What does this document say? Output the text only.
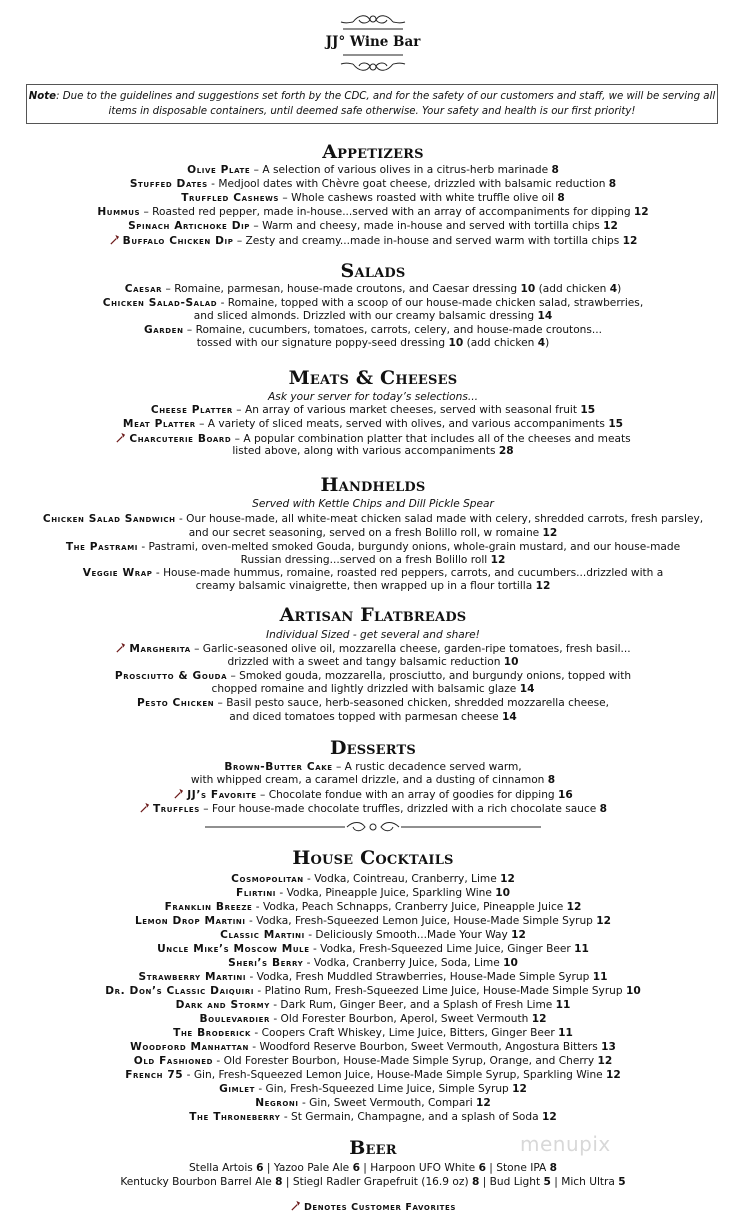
JJ° Wine Bar
Note: Due to the guidelines and suggestions set forth by the CDC, and for the safety of our customers and staff, we will be serving all items in disposable containers, until deemed safe otherwise. Your safety and health is our first priority!
Appetizers
Olive Plate – A selection of various olives in a citrus-herb marinade 8
Stuffed Dates - Medjool dates with Chèvre goat cheese, drizzled with balsamic reduction 8
Truffled Cashews – Whole cashews roasted with white truffle olive oil 8
Hummus – Roasted red pepper, made in-house...served with an array of accompaniments for dipping 12
Spinach Artichoke Dip – Warm and cheesy, made in-house and served with tortilla chips 12
Buffalo Chicken Dip – Zesty and creamy...made in-house and served warm with tortilla chips 12
Salads
Caesar – Romaine, parmesan, house-made croutons, and Caesar dressing 10 (add chicken 4)
Chicken Salad-Salad - Romaine, topped with a scoop of our house-made chicken salad, strawberries,
and sliced almonds. Drizzled with our creamy balsamic dressing 14
Garden – Romaine, cucumbers, tomatoes, carrots, celery, and house-made croutons...
tossed with our signature poppy-seed dressing 10 (add chicken 4)
Meats & Cheeses
Ask your server for today’s selections...
Cheese Platter – An array of various market cheeses, served with seasonal fruit 15
Meat Platter – A variety of sliced meats, served with olives, and various accompaniments 15
Charcuterie Board – A popular combination platter that includes all of the cheeses and meats
listed above, along with various accompaniments 28
Handhelds
Served with Kettle Chips and Dill Pickle Spear
Chicken Salad Sandwich - Our house-made, all white-meat chicken salad made with celery, shredded carrots, fresh parsley,
and our secret seasoning, served on a fresh Bolillo roll, w romaine 12
The Pastrami - Pastrami, oven-melted smoked Gouda, burgundy onions, whole-grain mustard, and our house-made
Russian dressing...served on a fresh Bolillo roll 12
Veggie Wrap - House-made hummus, romaine, roasted red peppers, carrots, and cucumbers...drizzled with a
creamy balsamic vinaigrette, then wrapped up in a flour tortilla 12
Artisan Flatbreads
Individual Sized - get several and share!
Margherita – Garlic-seasoned olive oil, mozzarella cheese, garden-ripe tomatoes, fresh basil...
drizzled with a sweet and tangy balsamic reduction 10
Prosciutto & Gouda – Smoked gouda, mozzarella, prosciutto, and burgundy onions, topped with
chopped romaine and lightly drizzled with balsamic glaze 14
Pesto Chicken – Basil pesto sauce, herb-seasoned chicken, shredded mozzarella cheese,
and diced tomatoes topped with parmesan cheese 14
Desserts
Brown-Butter Cake – A rustic decadence served warm,
with whipped cream, a caramel drizzle, and a dusting of cinnamon 8
JJ’s Favorite – Chocolate fondue with an array of goodies for dipping 16
Truffles – Four house-made chocolate truffles, drizzled with a rich chocolate sauce 8
House Cocktails
Cosmopolitan - Vodka, Cointreau, Cranberry, Lime 12
Flirtini - Vodka, Pineapple Juice, Sparkling Wine 10
Franklin Breeze - Vodka, Peach Schnapps, Cranberry Juice, Pineapple Juice 12
Lemon Drop Martini - Vodka, Fresh-Squeezed Lemon Juice, House-Made Simple Syrup 12
Classic Martini - Deliciously Smooth...Made Your Way 12
Uncle Mike’s Moscow Mule - Vodka, Fresh-Squeezed Lime Juice, Ginger Beer 11
Sheri’s Berry - Vodka, Cranberry Juice, Soda, Lime 10
Strawberry Martini - Vodka, Fresh Muddled Strawberries, House-Made Simple Syrup 11
Dr. Don’s Classic Daiquiri - Platino Rum, Fresh-Squeezed Lime Juice, House-Made Simple Syrup 10
Dark and Stormy - Dark Rum, Ginger Beer, and a Splash of Fresh Lime 11
Boulevardier - Old Forester Bourbon, Aperol, Sweet Vermouth 12
The Broderick - Coopers Craft Whiskey, Lime Juice, Bitters, Ginger Beer 11
Woodford Manhattan - Woodford Reserve Bourbon, Sweet Vermouth, Angostura Bitters 13
Old Fashioned - Old Forester Bourbon, House-Made Simple Syrup, Orange, and Cherry 12
French 75 - Gin, Fresh-Squeezed Lemon Juice, House-Made Simple Syrup, Sparkling Wine 12
Gimlet - Gin, Fresh-Squeezed Lime Juice, Simple Syrup 12
Negroni - Gin, Sweet Vermouth, Compari 12
The Throneberry - St Germain, Champagne, and a splash of Soda 12
Beer
Stella Artois 6 | Yazoo Pale Ale 6 | Harpoon UFO White 6 | Stone IPA 8
Kentucky Bourbon Barrel Ale 8 | Stiegl Radler Grapefruit (16.9 oz) 8 | Bud Light 5 | Mich Ultra 5
Denotes Customer Favorites
menupix
